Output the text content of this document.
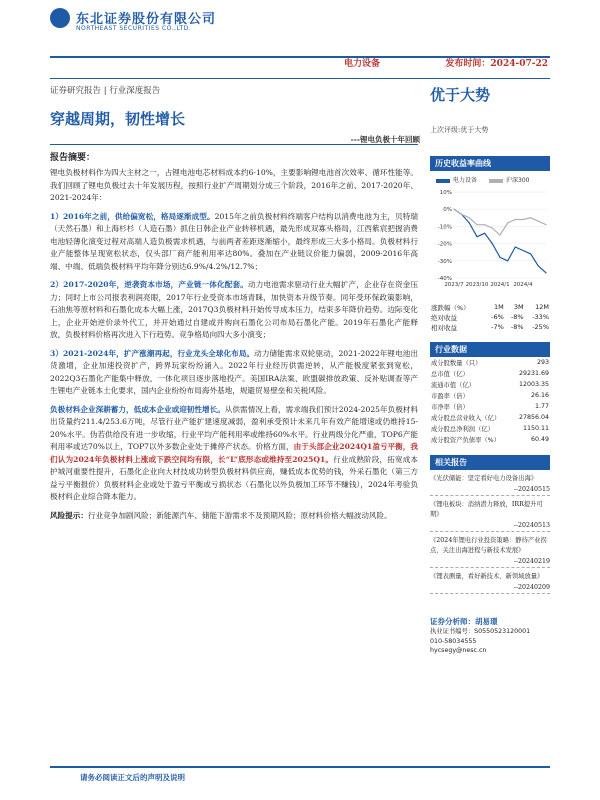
东北证券股份有限公司
NORTHEAST SECURITIES CO.,LTD.
电力设备	发布时间：2024-07-22
证券研究报告 | 行业深度报告	优于大势
穿越周期，韧性增长
上次评级:优于大势
---锂电负极十年回顾
报告摘要：

锂电负极材料作为四大主材之一，占锂电池电芯材料成本约6-10%，主要影响锂电池首次效率、循环性能等。我们回顾了锂电负极过去十年发展历程，按照行业扩产周期划分成三个阶段，2016年之前、2017-2020年、2021-2024年：

1）2016年之前，供给偏宽松，格局逐渐成型。2015年之前负极材料终端客户结构以消费电池为主，贝特瑞（天然石墨）和上海杉杉（人造石墨）抓住日韩企业产业转移机遇，最先形成双寡头格局，江西紫宸把握消费电池轻薄化演变过程对高端人造负极需求机遇，与前两者差距逐渐缩小，最终形成三大多小格局。负极材料行业产能整体呈现宽松状态，仅头部厂商产能利用率达80%。叠加在产业链议价能力偏弱，2009-2016年高端、中端、低端负极材料平均年降分别达6.9%/4.2%/12.7%；

2）2017-2020年，逆袭资本市场，产业链一体化配套。动力电池需求驱动行业大幅扩产，企业存在资金压力；同时上市公司报表利润亮眼，2017年行业受资本市场青睐，加快资本升级节奏。同年受环保政策影响，石油焦等原材料和石墨化成本大幅上涨，2017Q3负极材料开始传导成本压力，结束多年降价趋势。边际变化上，企业开始逆价录外代工，并开始通过自建或并购向石墨化公司布局石墨化产能。2019年石墨化产能释放，负极材料价格再次进入下行趋势。竞争格局向四大多小演变；

3）2021-2024年，扩产涨潮再起，行业龙头全球化布局。动力储能需求双轮驱动，2021-2022年锂电池出货激增，企业加速投资扩产，跨界玩家纷纷涌入。2022年行业经历供需逆转，从产能极度紧张到宽松，2022Q3石墨化产能集中释放，一体化项目逐步落地投产。美国IRA法案、欧盟碳排放政策、反补贴调查等产生锂电产业链本土化要求，国内企业纷纷布局海外基地，规避贸易壁垒和关税风险。

负极材料企业深耕蓄力，低成本企业或迎韧性增长。从供需情况上看，需求端我们预计2024-2025年负极材料出货量约211.4/253.6万吨，尽管行业产能扩建速度减弱，盈利承受预计未来几年有效产能增速或仍维持15-20%水平。伪若供给没有进一步收缩，行业平均产能利用率或维持60%水平。行业两级分化严重，TOP6产能利用率或达70%以上，TOP7以外多数企业处于摊停产状态。价格方面，由于头部企业2024Q1盈亏平衡，我们认为2024年负极材料上涨或下跌空间均有限，长“L”底形态或维持至2025Q1。行业成熟阶段，拓宽成本护城河重要性提升，石墨化企业向大材技成功转型负极材料供应商，赚低成本优势的钱，外采石墨化（第三方益亏平衡报价）负极材料企业或处于盈亏平衡或亏损状态（石墨化以外负极加工环节不赚钱），2024年考验负极材料企业综合降本能力。

风险提示：行业竞争加剧风险；新能源汽车、储能下游需求不及预期风险；原材料价格大幅波动风险。

历史收益率曲线
电力设备	沪深300
10%
0%
-10%
-20%
-30%
-40%
2023/7 2023/10 2024/1 2024/4
涨跌幅（%）	1M	3M	12M
绝对收益	-6%	-8%	-33%
相对收益	-7%	-8%	-25%
行业数据
成分股数量（只）	293
总市值（亿）	29231.69
流通市值（亿）	12003.35
市盈率（倍）	26.16
市净率（倍）	1.77
成分股总营业收入（亿）	27856.04
成分股总净利润（亿）	1150.11
成分股资产负债率（%）	60.49
相关报告
《光伏储能：坚定看好电力设备出海》
--20240515
《锂电板块：消纳潜力释放，IRR提升可期》
--20240513
《2024年锂电行业投资策略：静待产业拐点，关注出海进程与新技术发展》
--20240219
《锂表测量，看好新技术、新领域放量》
--20240209
证券分析师：胡易璟
执业证书编号：S0550523120001
010-58034555
hycsegy@nesc.cn
请务必阅读正文后的声明及说明
